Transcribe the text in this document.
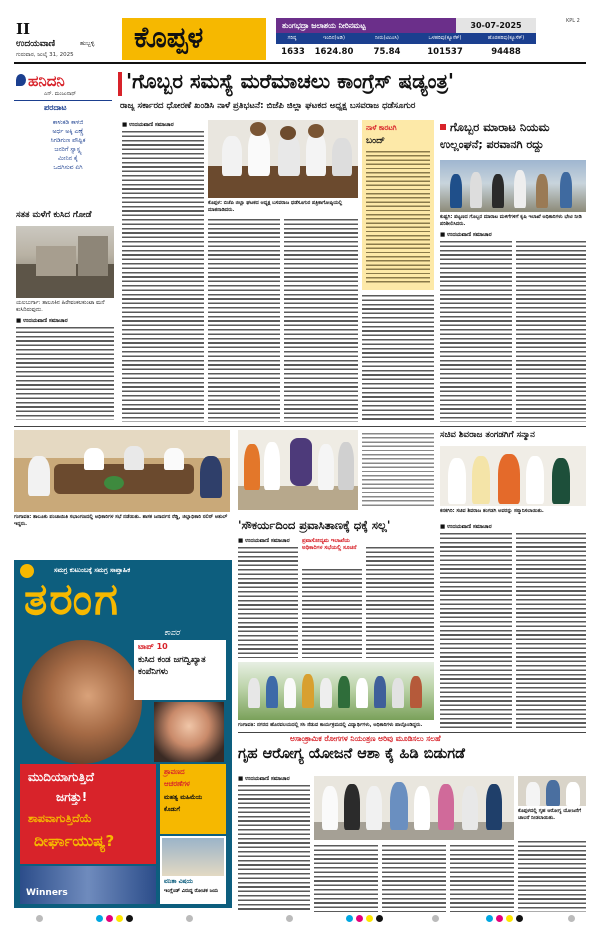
II
ಉದಯವಾಣಿ	ಹುಬ್ಬಳ್ಳಿ
ಗುರುವಾರ, ಜುಲೈ 31, 2025
ಕೊಪ್ಪಳ	ತುಂಗಭದ್ರಾ ಜಲಾಶಯ ನೀರಿನಮಟ್ಟ	30-07-2025
ಗರಿಷ್ಠ	ಇಂದಿನ(ಅಡಿ)	ನೀರು(ಟಿಎಂಸಿ)	ಒಳಹರಿವು(ಕ್ಯೂಸೆಕ್)	ಹೊರಹರಿವು(ಕ್ಯೂಸೆಕ್)
1633	1624.80	75.84	101537	94488
KPL 2
ಹನಿದನಿ
ಎನ್. ಮಂಜುನಾಥ್
ಪರದಾಟ
ಕಾಳುಕಡಿ ಕಾಳಜಿ
ಅರ್ಧ ಅಕ್ಕಿ ಎಣ್ಣೆ
ಸಿಗಡಿಗುಣ ಪೌಷ್ಟಿಕ
ಜನರಿಗೆ ಸ್ವಾಸ್ಥ್ಯ
ಮೀನಿನ ಕೈ
ಒದಗಿಸುವ ಏಗಿ
ಸತತ ಮಳೆಗೆ ಕುಸಿದ ಗೋಡೆ
ಯಲಬುರ್ಗಾ: ತಾಲೂಕಿನ ಹಿರೇವಂಕಲಕುಂಟಾ ಮನೆ ಕುಸಿದಿರುವುದು.
■ ಉದಯವಾಣಿ ಸಮಾಚಾರ
'ಗೊಬ್ಬರ ಸಮಸ್ಯೆ ಮರೆಮಾಚಲು ಕಾಂಗ್ರೆಸ್ ಷಡ್ಯಂತ್ರ'
ರಾಜ್ಯ ಸರ್ಕಾರದ ಧೋರಣೆ ಖಂಡಿಸಿ ನಾಳೆ ಪ್ರತಿಭಟನೆ: ಬಿಜೆಪಿ ಜಿಲ್ಲಾ ಘಟಕದ ಅಧ್ಯಕ್ಷ ಬಸವರಾಜ ಧಡೆಸೂಗುರ
■ ಉದಯವಾಣಿ ಸಮಾಚಾರ
ಕೊಪ್ಪಳ: ಬಿಜೆಪಿ ಜಿಲ್ಲಾ ಘಟಕದ ಅಧ್ಯಕ್ಷ ಬಸವರಾಜ ಧಡೆಸೂಗುರ ಪತ್ರಿಕಾಗೋಷ್ಠಿಯಲ್ಲಿ ಮಾತನಾಡಿದರು.
ನಾಳೆ ಕಾರಟಗಿ
ಬಂದ್
ಗೊಬ್ಬರ ಮಾರಾಟ ನಿಯಮ
ಉಲ್ಲಂಘನೆ; ಪರವಾನಗಿ ರದ್ದು
ಕುಷ್ಟಗಿ: ಪಟ್ಟಣದ ಗೊಬ್ಬರ ಮಾರಾಟ ಮಳಿಗೆಗಳಿಗೆ ಕೃಷಿ ಇಲಾಖೆ ಅಧಿಕಾರಿಗಳು ಭೇಟಿ ನೀಡಿ ಪರಿಶೀಲಿಸಿದರು.
■ ಉದಯವಾಣಿ ಸಮಾಚಾರ
ಗಂಗಾವತಿ: ತಾಲೂಕು ಪಂಚಾಯಿತಿ ಸಭಾಂಗಣದಲ್ಲಿ ಅಧಿಕಾರಿಗಳ ಸಭೆ ನಡೆಯಿತು. ಶಾಸಕ ಜನಾರ್ದನ ರೆಡ್ಡಿ, ಜಿಲ್ಲಾಧಿಕಾರಿ ನಲಿನ್ ಅತುಲ್ ಇದ್ದರು.
ಸಚಿವ ಶಿವರಾಜ ತಂಗಡಗಿಗೆ ಸನ್ಮಾನ
ಕನಕಗಿರಿ: ಸಚಿವ ಶಿವರಾಜ ತಂಗಡಗಿ ಅವರನ್ನು ಸನ್ಮಾನಿಸಲಾಯಿತು.
■ ಉದಯವಾಣಿ ಸಮಾಚಾರ
'ಸೌಕರ್ಯದಿಂದ ಪ್ರವಾಸಿತಾಣಕ್ಕೆ ಧಕ್ಕೆ ಸಲ್ಲ'
■ ಉದಯವಾಣಿ ಸಮಾಚಾರ ಪ್ರವಾಸೋದ್ಯಮ ಇಲಾಖೆಯ ಅಧಿಕಾರಿಗಳ ಸಭೆಯಲ್ಲಿ ಸೂಚನೆ
ಗಂಗಾವತಿ: ನಗರದ ಹೊರವಲಯದಲ್ಲಿ ಸಸಿ ನೆಡುವ ಕಾರ್ಯಕ್ರಮದಲ್ಲಿ ವಿದ್ಯಾರ್ಥಿಗಳು, ಅಧಿಕಾರಿಗಳು ಪಾಲ್ಗೊಂಡಿದ್ದರು.
ಸಮಗ್ರ ಕುಟುಂಬಕ್ಕೆ ಸಮಗ್ರ ಸಾಪ್ತಾಹಿಕ
ತರಂಗ
ಕಾವರ
ಟಾಪ್ 10
ಕುಸಿದ ಕಂಡ ಜಗದ್ವಿಖ್ಯಾತ ಕಂಪೆನಿಗಳು
ಮುದಿಯಾಗುತ್ತಿದೆ
ಜಗತ್ತು!
ಶಾಪವಾಗುತ್ತಿದೆಯೆ
ದೀರ್ಘಾಯುಷ್ಯ?
ಶ್ರಾವಣದ
ಆಚರಣೆಗಳ
ಮಹತ್ವ ಮಹಿಮೆಯ
ಕೊಡುಗೆ
Winners
ವನಿತಾ ವಿಷಯ
ಇಂಗ್ಲೆಂಡ್ ವಿರುದ್ಧ ರೋಚಕ ಜಯ
ಅಸಾಂಕ್ರಾಮಿಕ ರೋಗಗಳ ನಿಯಂತ್ರಣ ಅರಿವು ಮೂಡಿಸಲು ಸಲಹೆ
ಗೃಹ ಆರೋಗ್ಯ ಯೋಜನೆ ಆಶಾ ಕೈ ಹಿಡಿ ಬಿಡುಗಡೆ
■ ಉದಯವಾಣಿ ಸಮಾಚಾರ
ಕೊಪ್ಪಳದಲ್ಲಿ ಗೃಹ ಆರೋಗ್ಯ ಯೋಜನೆಗೆ ಚಾಲನೆ ನೀಡಲಾಯಿತು.
